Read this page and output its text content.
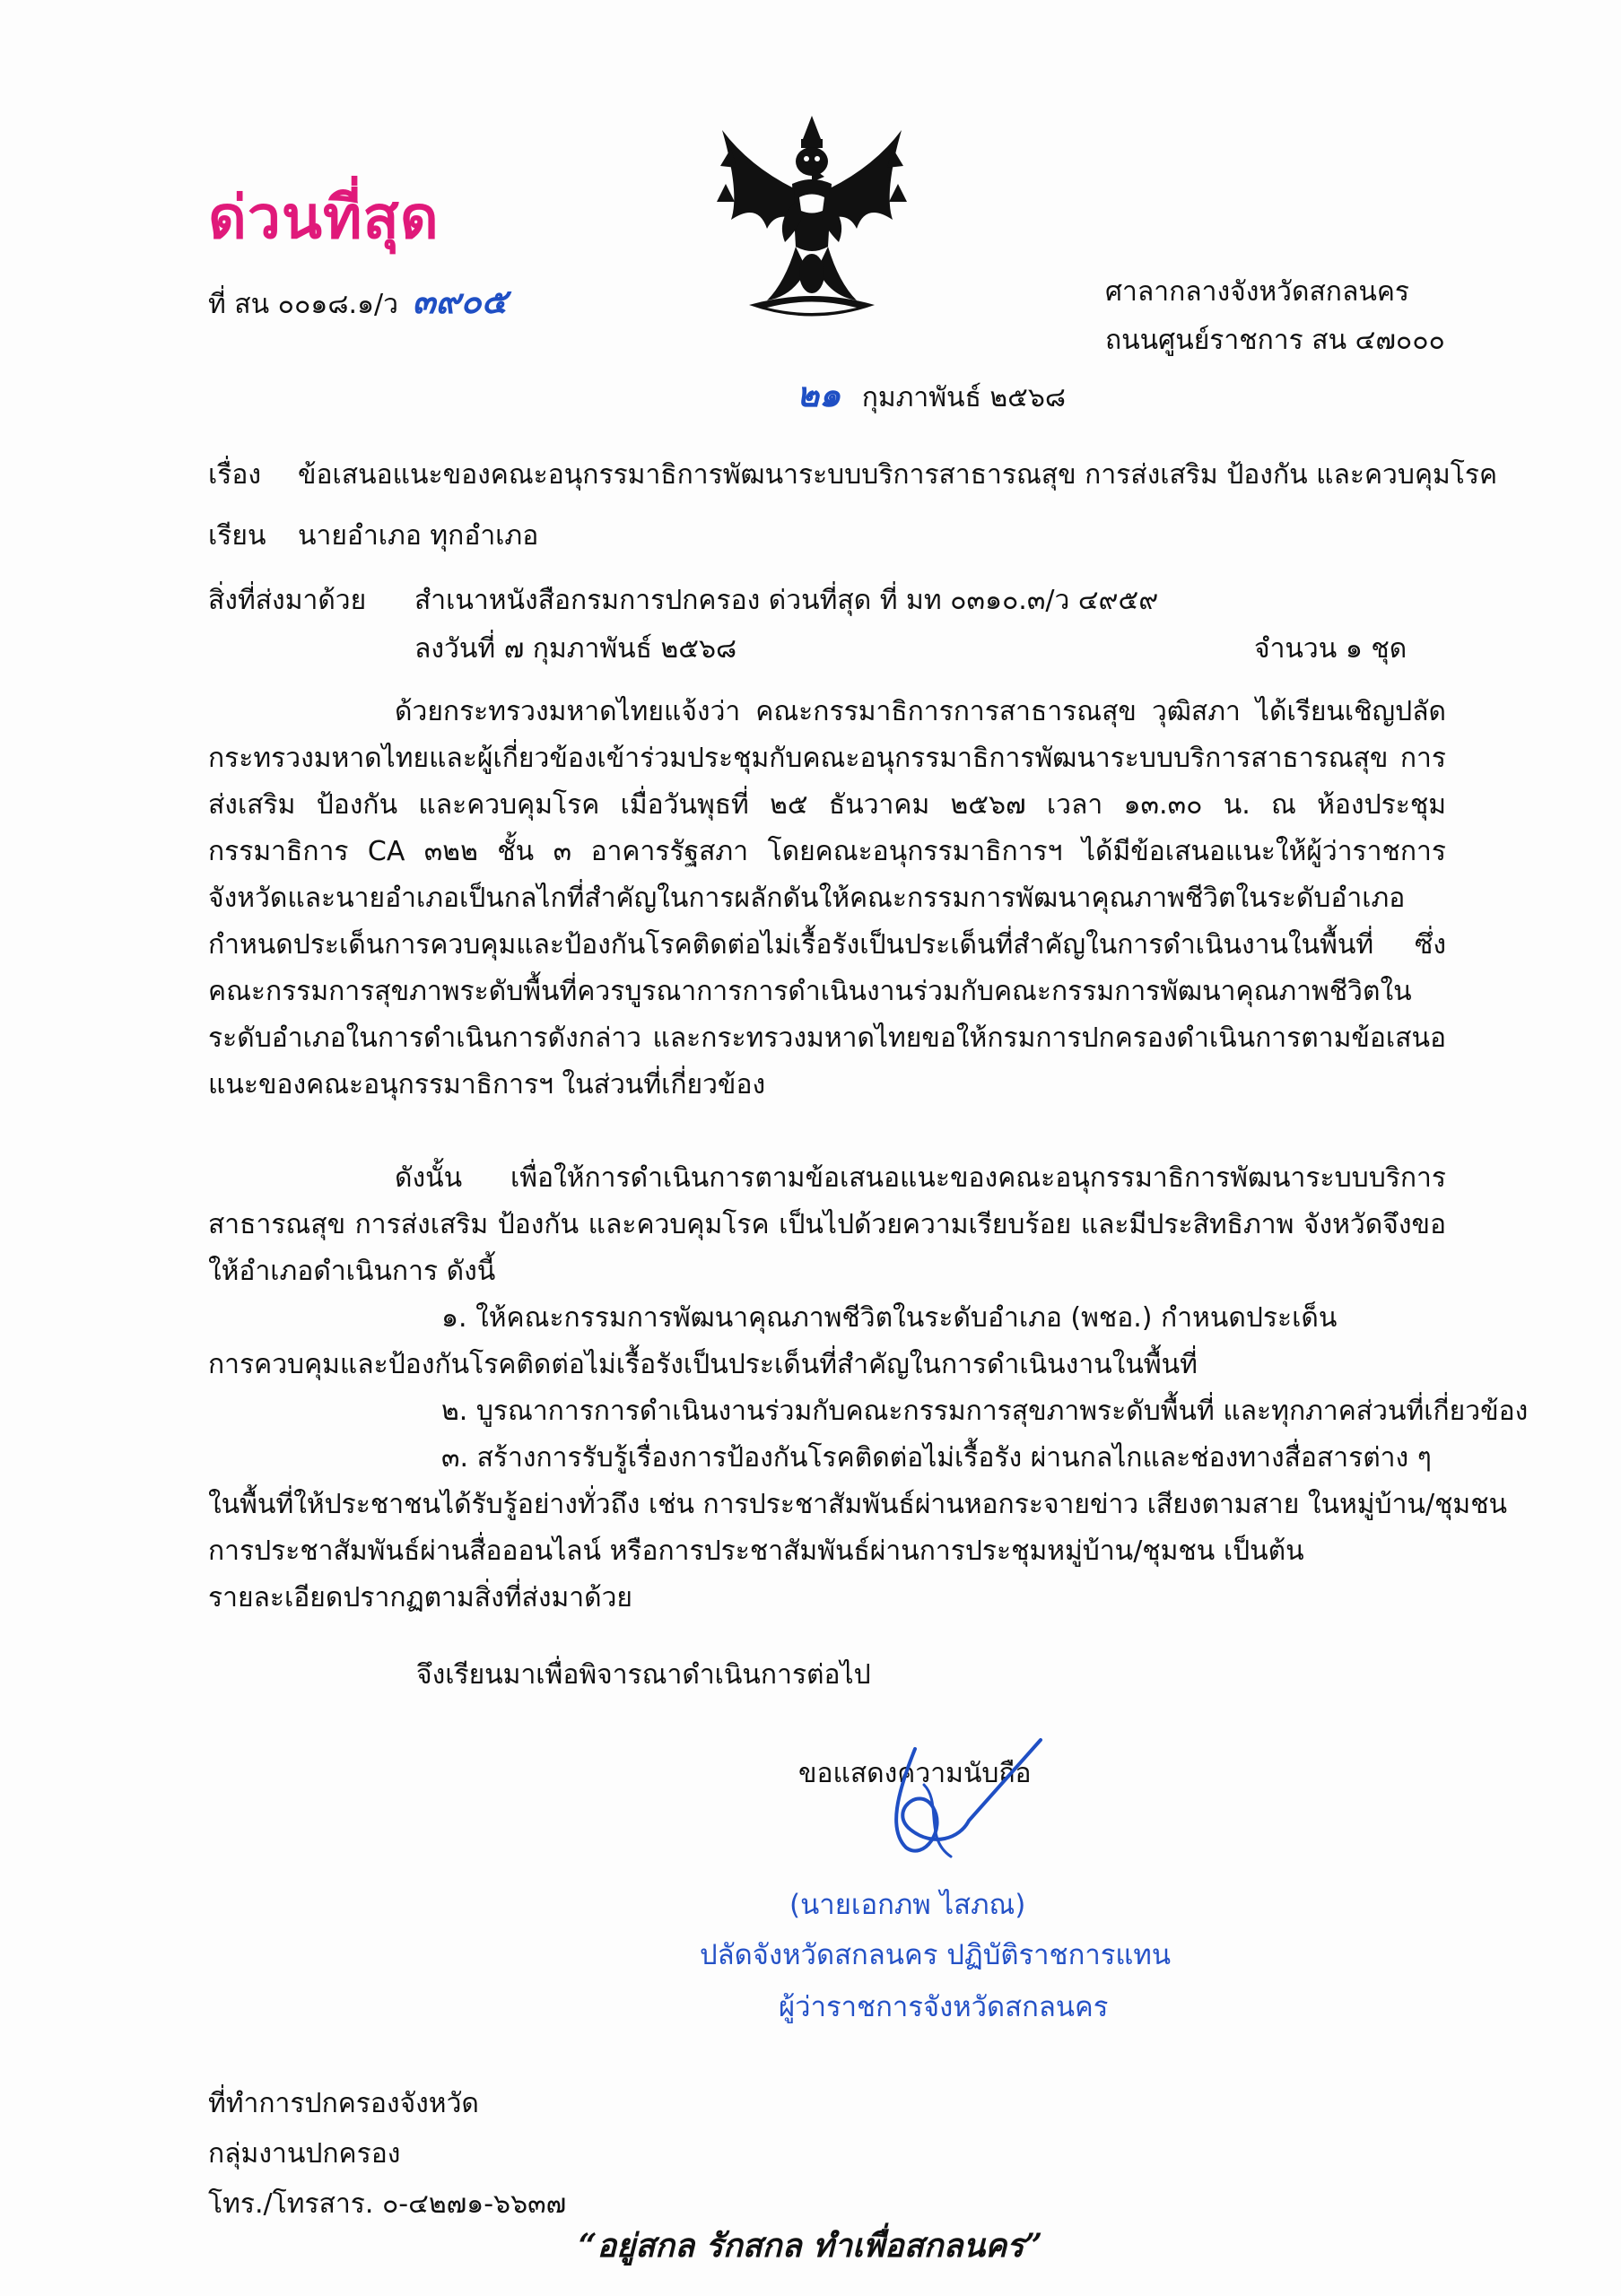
ด่วนที่สุด
ที่ สน ๐๐๑๘.๑/ว ๓๙๐๕	ศาลากลางจังหวัดสกลนคร
ถนนศูนย์ราชการ สน ๔๗๐๐๐
๒๑ กุมภาพันธ์ ๒๕๖๘
เรื่อง ข้อเสนอแนะของคณะอนุกรรมาธิการพัฒนาระบบบริการสาธารณสุข การส่งเสริม ป้องกัน และควบคุมโรค
เรียน นายอำเภอ ทุกอำเภอ
สิ่งที่ส่งมาด้วย สำเนาหนังสือกรมการปกครอง ด่วนที่สุด ที่ มท ๐๓๑๐.๓/ว ๔๙๕๙
ลงวันที่ ๗ กุมภาพันธ์ ๒๕๖๘	จำนวน ๑ ชุด

ด้วยกระทรวงมหาดไทยแจ้งว่า คณะกรรมาธิการการสาธารณสุข วุฒิสภา ได้เรียนเชิญปลัดกระทรวงมหาดไทยและผู้เกี่ยวข้องเข้าร่วมประชุมกับคณะอนุกรรมาธิการพัฒนาระบบบริการสาธารณสุข การส่งเสริม ป้องกัน และควบคุมโรค เมื่อวันพุธที่ ๒๕ ธันวาคม ๒๕๖๗ เวลา ๑๓.๓๐ น. ณ ห้องประชุมกรรมาธิการ CA ๓๒๒ ชั้น ๓ อาคารรัฐสภา โดยคณะอนุกรรมาธิการฯ ได้มีข้อเสนอแนะให้ผู้ว่าราชการจังหวัดและนายอำเภอเป็นกลไกที่สำคัญในการผลักดันให้คณะกรรมการพัฒนาคุณภาพชีวิตในระดับอำเภอกำหนดประเด็นการควบคุมและป้องกันโรคติดต่อไม่เรื้อรังเป็นประเด็นที่สำคัญในการดำเนินงานในพื้นที่ ซึ่งคณะกรรมการสุขภาพระดับพื้นที่ควรบูรณาการการดำเนินงานร่วมกับคณะกรรมการพัฒนาคุณภาพชีวิตในระดับอำเภอในการดำเนินการดังกล่าว และกระทรวงมหาดไทยขอให้กรมการปกครองดำเนินการตามข้อเสนอแนะของคณะอนุกรรมาธิการฯ ในส่วนที่เกี่ยวข้อง

ดังนั้น เพื่อให้การดำเนินการตามข้อเสนอแนะของคณะอนุกรรมาธิการพัฒนาระบบบริการสาธารณสุข การส่งเสริม ป้องกัน และควบคุมโรค เป็นไปด้วยความเรียบร้อย และมีประสิทธิภาพ จังหวัดจึงขอให้อำเภอดำเนินการ ดังนี้

๑. ให้คณะกรรมการพัฒนาคุณภาพชีวิตในระดับอำเภอ (พชอ.) กำหนดประเด็น
การควบคุมและป้องกันโรคติดต่อไม่เรื้อรังเป็นประเด็นที่สำคัญในการดำเนินงานในพื้นที่
๒. บูรณาการการดำเนินงานร่วมกับคณะกรรมการสุขภาพระดับพื้นที่ และทุกภาคส่วนที่เกี่ยวข้อง
๓. สร้างการรับรู้เรื่องการป้องกันโรคติดต่อไม่เรื้อรัง ผ่านกลไกและช่องทางสื่อสารต่าง ๆ
ในพื้นที่ให้ประชาชนได้รับรู้อย่างทั่วถึง เช่น การประชาสัมพันธ์ผ่านหอกระจายข่าว เสียงตามสาย ในหมู่บ้าน/ชุมชน
การประชาสัมพันธ์ผ่านสื่อออนไลน์ หรือการประชาสัมพันธ์ผ่านการประชุมหมู่บ้าน/ชุมชน เป็นต้น
รายละเอียดปรากฏตามสิ่งที่ส่งมาด้วย
จึงเรียนมาเพื่อพิจารณาดำเนินการต่อไป
ขอแสดงความนับถือ
(นายเอกภพ ไสภณ)
ปลัดจังหวัดสกลนคร ปฏิบัติราชการแทน
ผู้ว่าราชการจังหวัดสกลนคร
ที่ทำการปกครองจังหวัด
กลุ่มงานปกครอง
โทร./โทรสาร. ๐-๔๒๗๑-๖๖๓๗
“อยู่สกล รักสกล ทำเพื่อสกลนคร”
